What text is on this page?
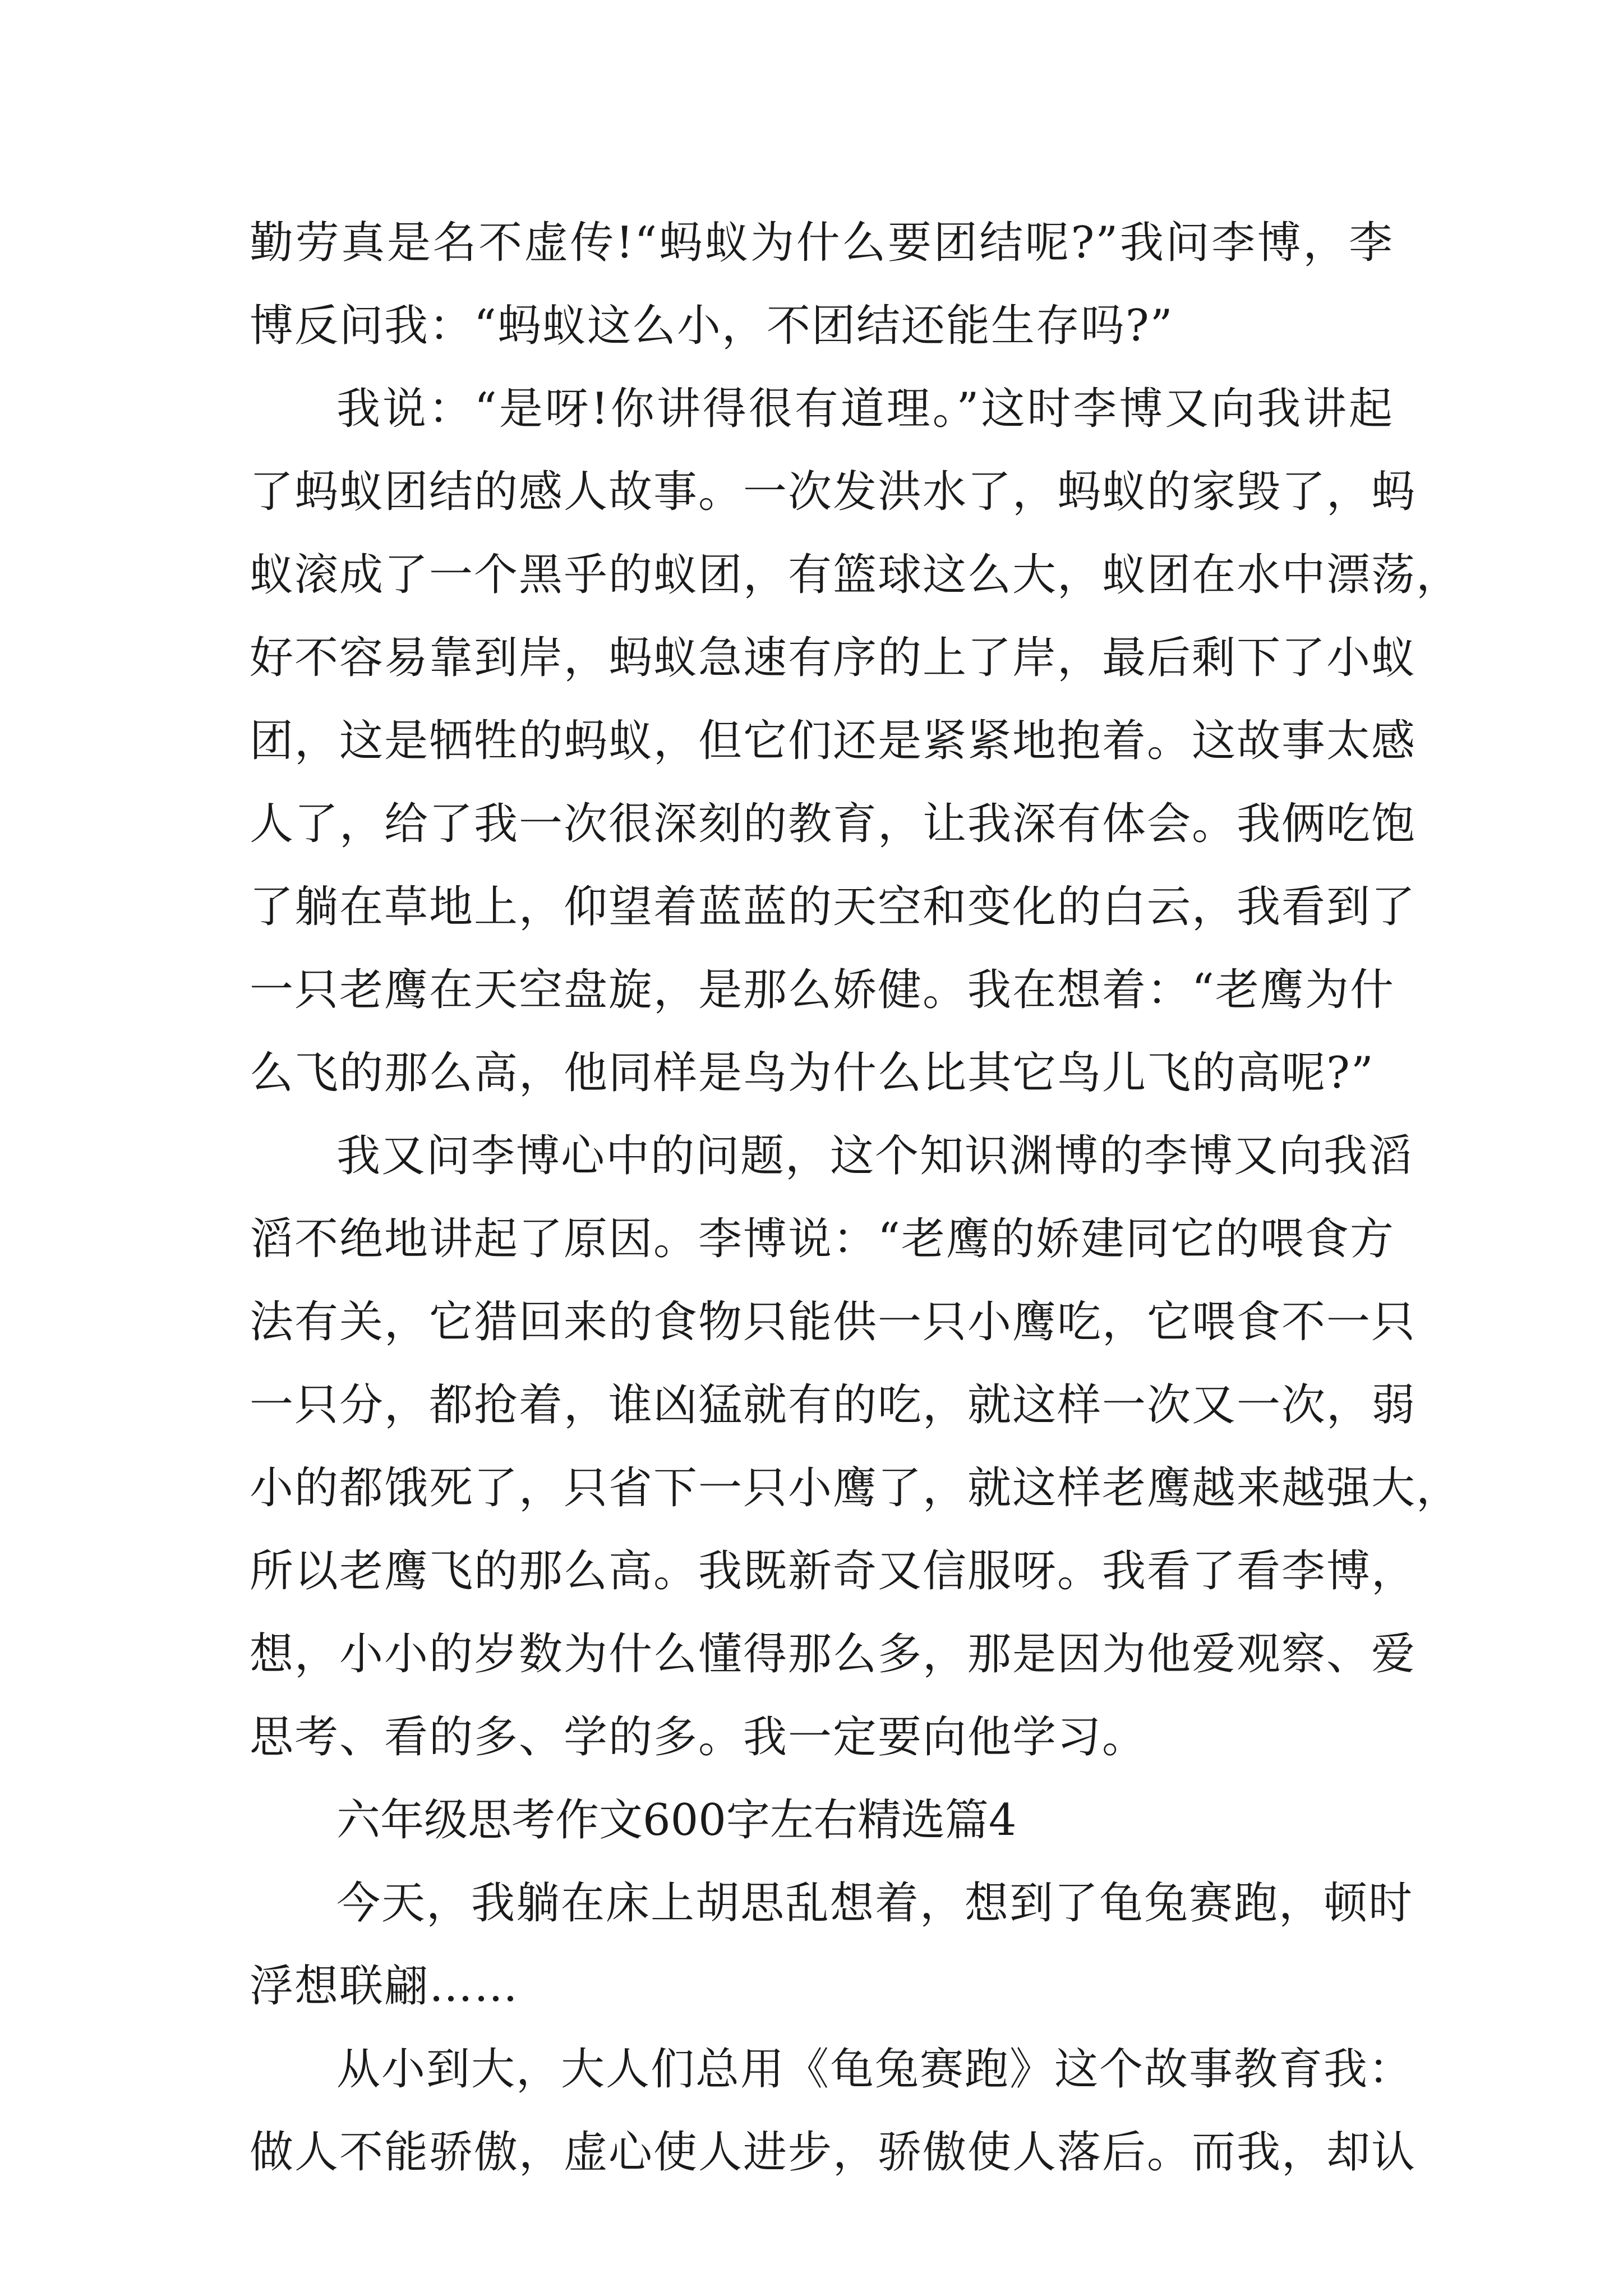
勤劳真是名不虚传!“蚂蚁为什么要团结呢?”我问李博，李
博反问我：“蚂蚁这么小，不团结还能生存吗?”
我说：“是呀!你讲得很有道理。”这时李博又向我讲起
了蚂蚁团结的感人故事。一次发洪水了，蚂蚁的家毁了，蚂
蚁滚成了一个黑乎的蚁团，有篮球这么大，蚁团在水中漂荡，
好不容易靠到岸，蚂蚁急速有序的上了岸，最后剩下了小蚁
团，这是牺牲的蚂蚁，但它们还是紧紧地抱着。这故事太感
人了，给了我一次很深刻的教育，让我深有体会。我俩吃饱
了躺在草地上，仰望着蓝蓝的天空和变化的白云，我看到了
一只老鹰在天空盘旋，是那么娇健。我在想着：“老鹰为什
么飞的那么高，他同样是鸟为什么比其它鸟儿飞的高呢?”
我又问李博心中的问题，这个知识渊博的李博又向我滔
滔不绝地讲起了原因。李博说：“老鹰的娇建同它的喂食方
法有关，它猎回来的食物只能供一只小鹰吃，它喂食不一只
一只分，都抢着，谁凶猛就有的吃，就这样一次又一次，弱
小的都饿死了，只省下一只小鹰了，就这样老鹰越来越强大，
所以老鹰飞的那么高。我既新奇又信服呀。我看了看李博，
想，小小的岁数为什么懂得那么多，那是因为他爱观察、爱
思考、看的多、学的多。我一定要向他学习。
六年级思考作文600字左右精选篇4
今天，我躺在床上胡思乱想着，想到了龟兔赛跑，顿时
浮想联翩……
从小到大，大人们总用《龟兔赛跑》这个故事教育我：
做人不能骄傲，虚心使人进步，骄傲使人落后。而我，却认
